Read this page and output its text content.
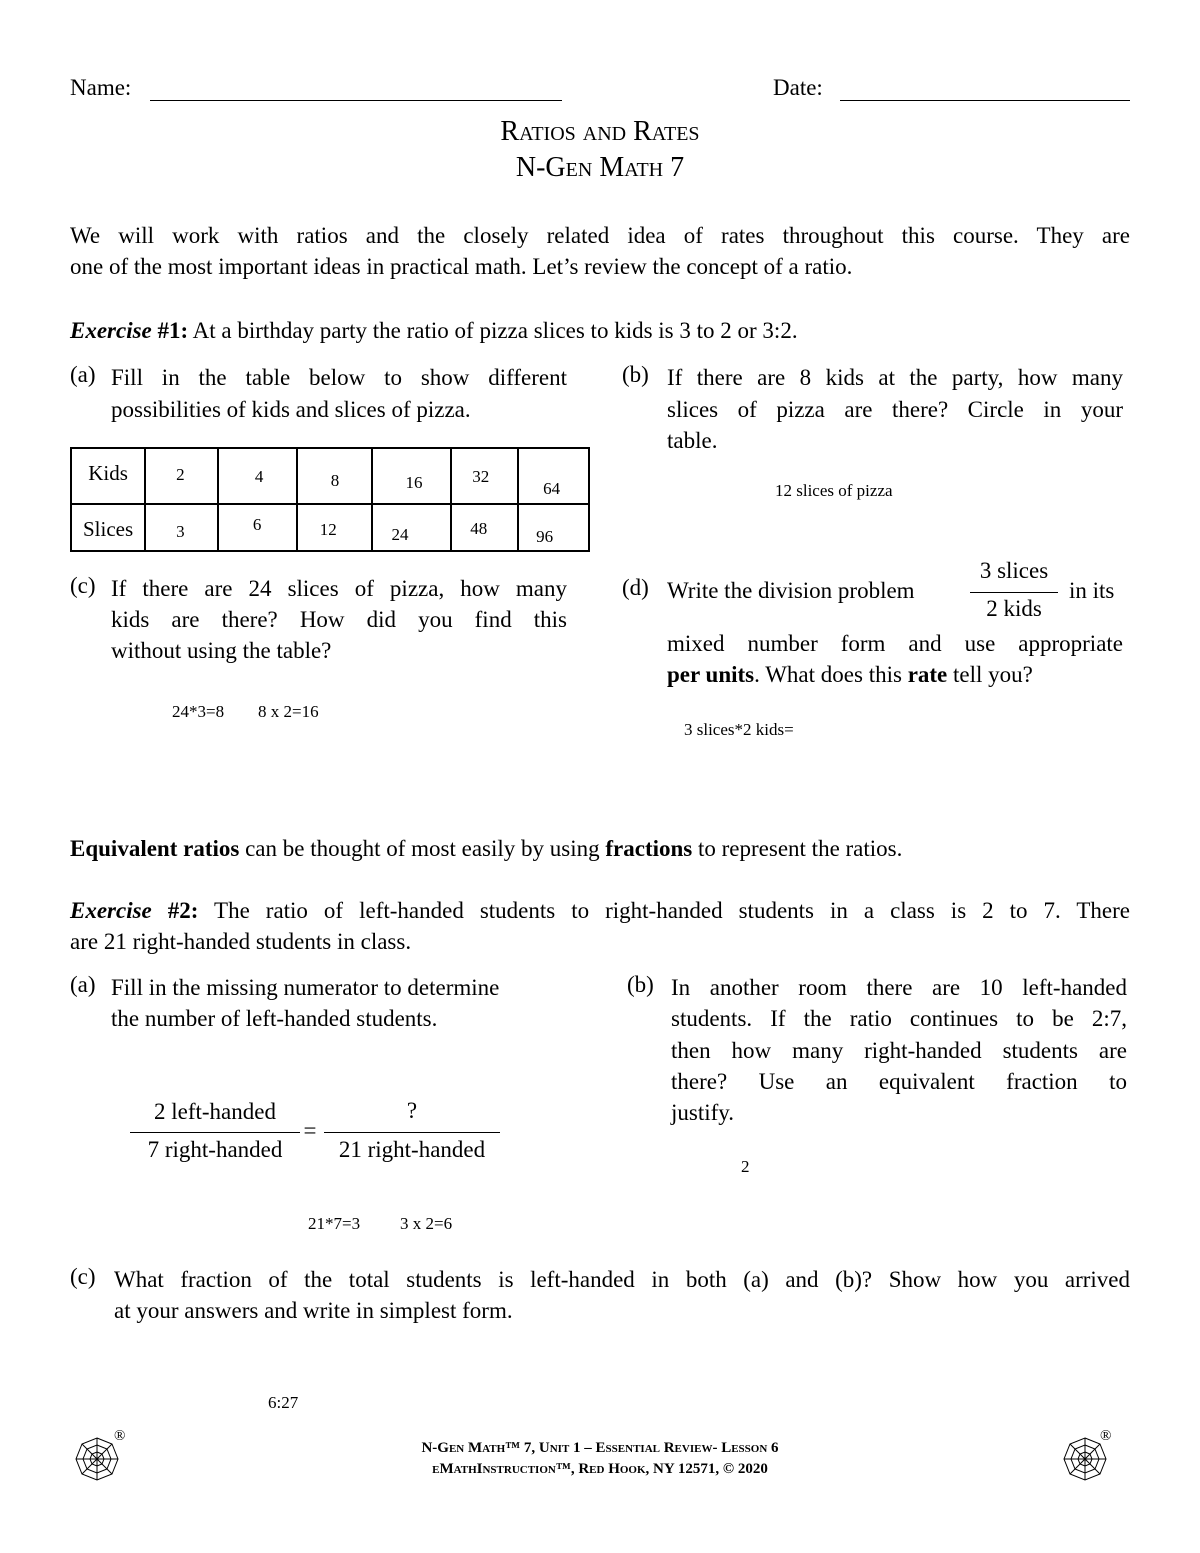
Name:	Date:
Ratios and Rates
N-Gen Math 7
We will work with ratios and the closely related idea of rates throughout this course. They are
one of the most important ideas in practical math. Let’s review the concept of a ratio.
Exercise #1: At a birthday party the ratio of pizza slices to kids is 3 to 2 or 3:2.
(a) Fill in the table below to show different
possibilities of kids and slices of pizza.
Kids	2	4	8	16	32	64
Slices	3	6	12	24	48	96
(b) If there are 8 kids at the party, how many
slices of pizza are there? Circle in your
table.
12 slices of pizza
(c) If there are 24 slices of pizza, how many
kids are there? How did you find this
without using the table?
24*3=8 8 x 2=16
(d) Write the division problem
3 slices
2 kids
in its
mixed number form and use appropriate
per units. What does this rate tell you?
3 slices*2 kids=
Equivalent ratios can be thought of most easily by using fractions to represent the ratios.
Exercise #2: The ratio of left-handed students to right-handed students in a class is 2 to 7. There
are 21 right-handed students in class.
(a) Fill in the missing numerator to determine
the number of left-handed students.
2 left-handed
7 right-handed
=
?
21 right-handed
21*7=3 3 x 2=6
(b) In another room there are 10 left-handed
students. If the ratio continues to be 2:7,
then how many right-handed students are
there? Use an equivalent fraction to
justify.
2
(c) What fraction of the total students is left-handed in both (a) and (b)? Show how you arrived
at your answers and write in simplest form.
6:27
N-Gen Math™ 7, Unit 1 – Essential Review- Lesson 6
eMathInstruction™, Red Hook, NY 12571, © 2020
®	®
